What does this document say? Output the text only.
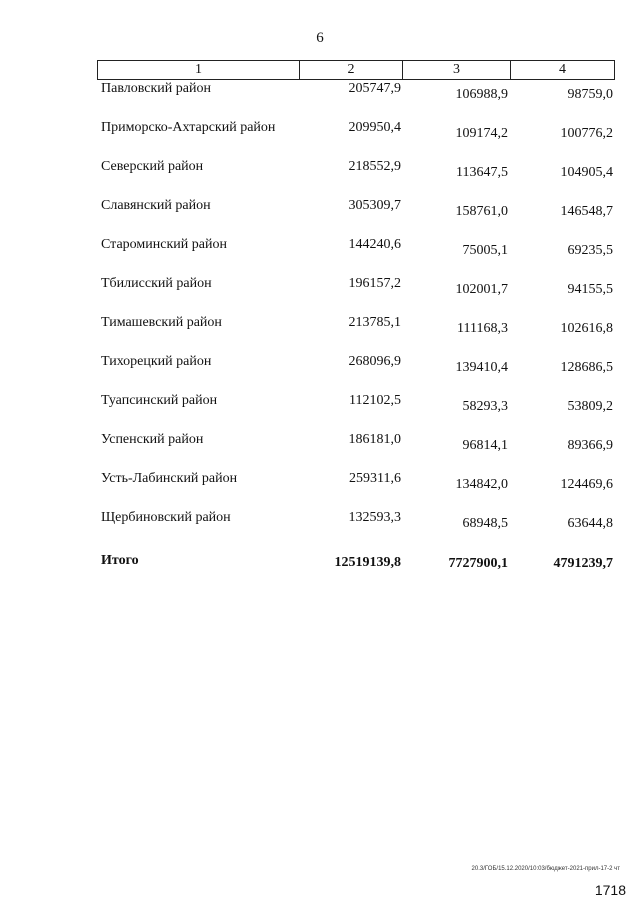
6
1	2	3	4
Павловский район	205747,9	106988,9	98759,0
Приморско-Ахтарский район	209950,4	109174,2	100776,2
Северский район	218552,9	113647,5	104905,4
Славянский район	305309,7	158761,0	146548,7
Староминский район	144240,6	75005,1	69235,5
Тбилисский район	196157,2	102001,7	94155,5
Тимашевский район	213785,1	111168,3	102616,8
Тихорецкий район	268096,9	139410,4	128686,5
Туапсинский район	112102,5	58293,3	53809,2
Успенский район	186181,0	96814,1	89366,9
Усть-Лабинский район	259311,6	134842,0	124469,6
Щербиновский район	132593,3	68948,5	63644,8
Итого	12519139,8	7727900,1	4791239,7
20.3/ГОБ/15.12.2020/10:03/бюджет-2021-прил-17-2 чт
1718
